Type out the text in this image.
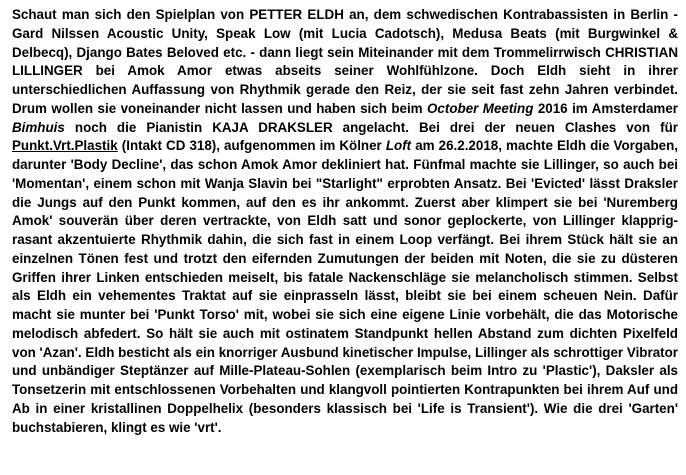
Schaut man sich den Spielplan von PETTER ELDH an, dem schwedischen Kontrabassisten in Berlin - Gard Nilssen Acoustic Unity, Speak Low (mit Lucia Cadotsch), Medusa Beats (mit Burgwinkel & Delbecq), Django Bates Beloved etc. - dann liegt sein Miteinander mit dem Trommelirrwisch CHRISTIAN LILLINGER bei Amok Amor etwas abseits seiner Wohlfühlzone. Doch Eldh sieht in ihrer unterschiedlichen Auffassung von Rhythmik gerade den Reiz, der sie seit fast zehn Jahren verbindet. Drum wollen sie voneinander nicht lassen und haben sich beim October Meeting 2016 im Amsterdamer Bimhuis noch die Pianistin KAJA DRAKSLER angelacht. Bei drei der neuen Clashes von für Punkt.Vrt.Plastik (Intakt CD 318), aufgenommen im Kölner Loft am 26.2.2018, machte Eldh die Vorgaben, darunter 'Body Decline', das schon Amok Amor dekliniert hat. Fünfmal machte sie Lillinger, so auch bei 'Momentan', einem schon mit Wanja Slavin bei "Starlight" erprobten Ansatz. Bei 'Evicted' lässt Draksler die Jungs auf den Punkt kommen, auf den es ihr ankommt. Zuerst aber klimpert sie bei 'Nuremberg Amok' souverän über deren vertrackte, von Eldh satt und sonor geplockerte, von Lillinger klapprig-rasant akzentuierte Rhythmik dahin, die sich fast in einem Loop verfängt. Bei ihrem Stück hält sie an einzelnen Tönen fest und trotzt den eifernden Zumutungen der beiden mit Noten, die sie zu düsteren Griffen ihrer Linken entschieden meiselt, bis fatale Nackenschläge sie melancholisch stimmen. Selbst als Eldh ein vehementes Traktat auf sie einprasseln lässt, bleibt sie bei einem scheuen Nein. Dafür macht sie munter bei 'Punkt Torso' mit, wobei sie sich eine eigene Linie vorbehält, die das Motorische melodisch abfedert. So hält sie auch mit ostinatem Standpunkt hellen Abstand zum dichten Pixelfeld von 'Azan'. Eldh besticht als ein knorriger Ausbund kinetischer Impulse, Lillinger als schrottiger Vibrator und unbändiger Steptänzer auf Mille-Plateau-Sohlen (exemplarisch beim Intro zu 'Plastic'), Daksler als Tonsetzerin mit entschlossenen Vorbehalten und klangvoll pointierten Kontrapunkten bei ihrem Auf und Ab in einer kristallinen Doppelhelix (besonders klassisch bei 'Life is Transient'). Wie die drei 'Garten' buchstabieren, klingt es wie 'vrt'.
